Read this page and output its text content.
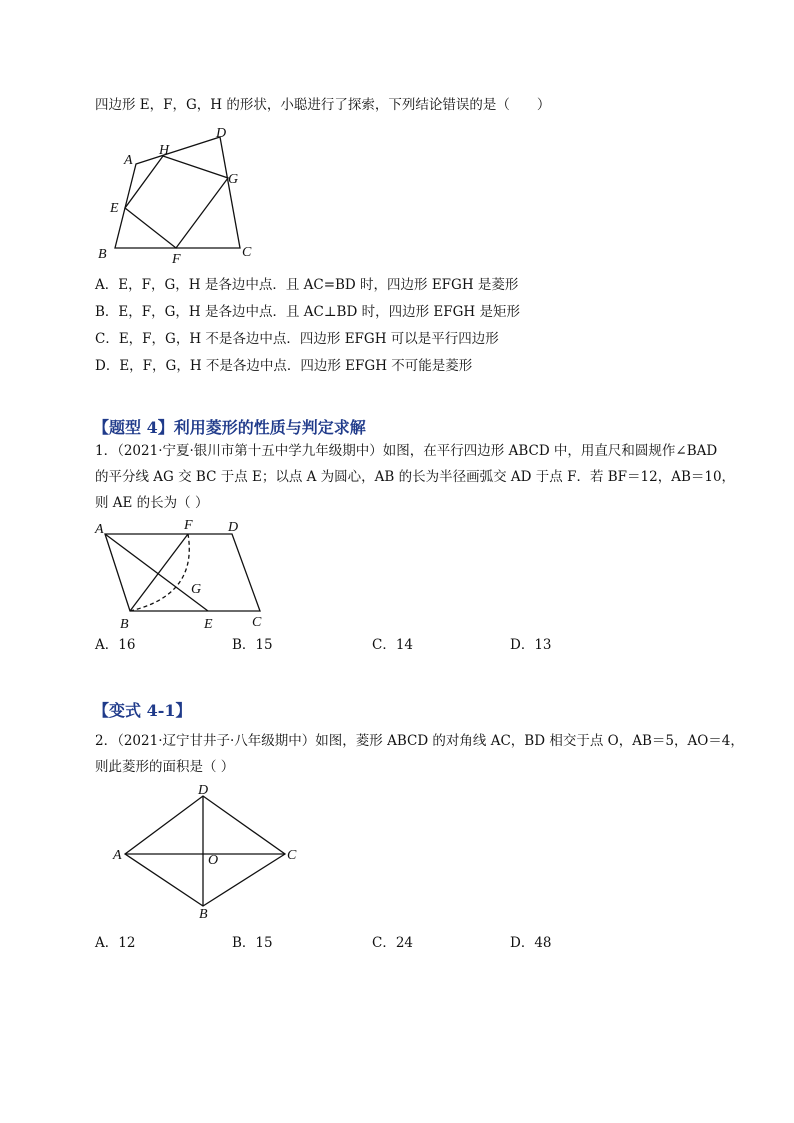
四边形 E，F，G，H 的形状，小聪进行了探索，下列结论错误的是（　　）
A
H
D
G
E
B	F	C
A．E，F，G，H 是各边中点．且 AC=BD 时，四边形 EFGH 是菱形
B．E，F，G，H 是各边中点．且 AC⊥BD 时，四边形 EFGH 是矩形
C．E，F，G，H 不是各边中点．四边形 EFGH 可以是平行四边形
D．E，F，G，H 不是各边中点．四边形 EFGH 不可能是菱形
【题型 4】利用菱形的性质与判定求解
1．（2021·宁夏·银川市第十五中学九年级期中）如图，在平行四边形 ABCD 中，用直尺和圆规作∠BAD
的平分线 AG 交 BC 于点 E；以点 A 为圆心，AB 的长为半径画弧交 AD 于点 F．若 BF＝12，AB＝10，
则 AE 的长为（ ）
A	F	D
G
B	E	C
A．16	B．15	C．14	D．13
【变式 4-1】
2．（2021·辽宁甘井子·八年级期中）如图，菱形 ABCD 的对角线 AC，BD 相交于点 O，AB＝5，AO＝4，
则此菱形的面积是（ ）
D
A	O	C
B
A．12	B．15	C．24	D．48
